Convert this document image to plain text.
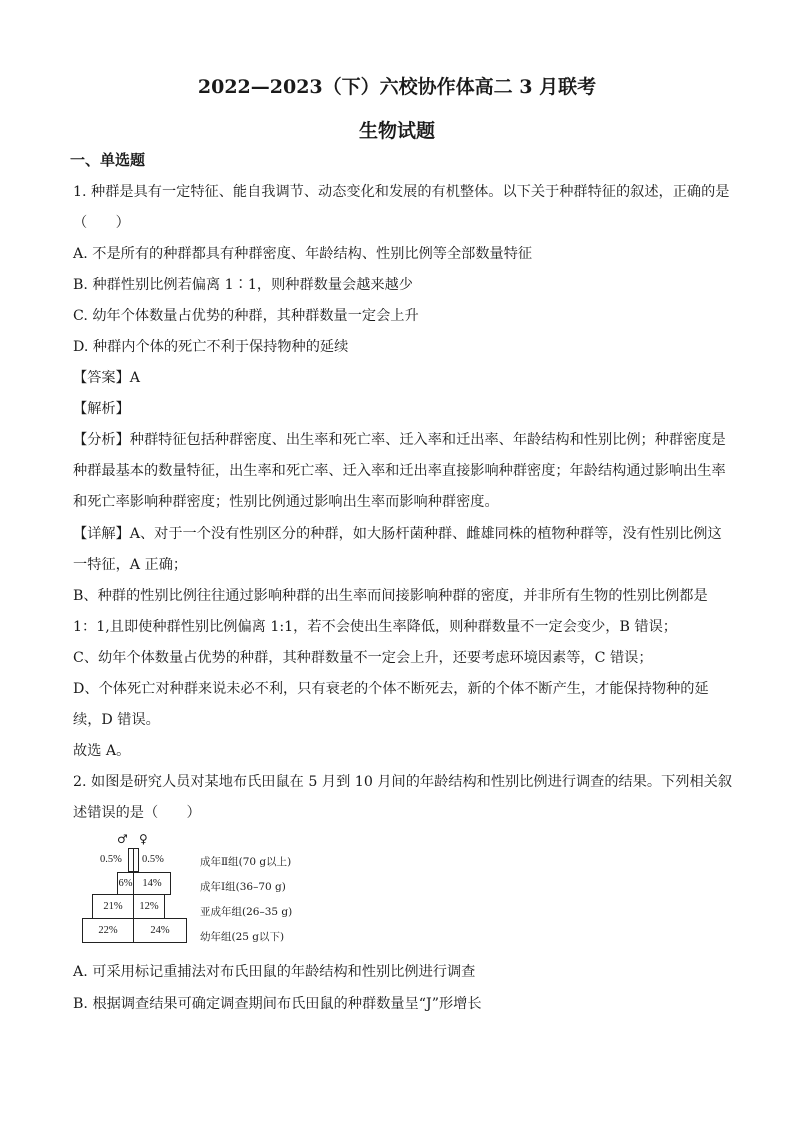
2022—2023（下）六校协作体高二 3 月联考
生物试题
一、单选题
1. 种群是具有一定特征、能自我调节、动态变化和发展的有机整体。以下关于种群特征的叙述，正确的是
（　　）
A. 不是所有的种群都具有种群密度、年龄结构、性别比例等全部数量特征
B. 种群性别比例若偏离 1∶1，则种群数量会越来越少
C. 幼年个体数量占优势的种群，其种群数量一定会上升
D. 种群内个体的死亡不利于保持物种的延续
【答案】A
【解析】
【分析】种群特征包括种群密度、出生率和死亡率、迁入率和迁出率、年龄结构和性别比例；种群密度是
种群最基本的数量特征，出生率和死亡率、迁入率和迁出率直接影响种群密度；年龄结构通过影响出生率
和死亡率影响种群密度；性别比例通过影响出生率而影响种群密度。
【详解】A、对于一个没有性别区分的种群，如大肠杆菌种群、雌雄同株的植物种群等，没有性别比例这
一特征，A 正确；
B、种群的性别比例往往通过影响种群的出生率而间接影响种群的密度，并非所有生物的性别比例都是
1：1,且即使种群性别比例偏离 1:1，若不会使出生率降低，则种群数量不一定会变少，B 错误；
C、幼年个体数量占优势的种群，其种群数量不一定会上升，还要考虑环境因素等，C 错误；
D、个体死亡对种群来说未必不利，只有衰老的个体不断死去，新的个体不断产生，才能保持物种的延
续，D 错误。
故选 A。
2. 如图是研究人员对某地布氏田鼠在 5 月到 10 月间的年龄结构和性别比例进行调查的结果。下列相关叙
述错误的是（　　）
♂ ♀
0.5% 0.5%
6% 14%
21% 12%
22%	24%
成年Ⅱ组(70 g以上)
成年Ⅰ组(36–70 g)
亚成年组(26–35 g)
幼年组(25 g以下)
A. 可采用标记重捕法对布氏田鼠的年龄结构和性别比例进行调查
B. 根据调查结果可确定调查期间布氏田鼠的种群数量呈“J”形增长
